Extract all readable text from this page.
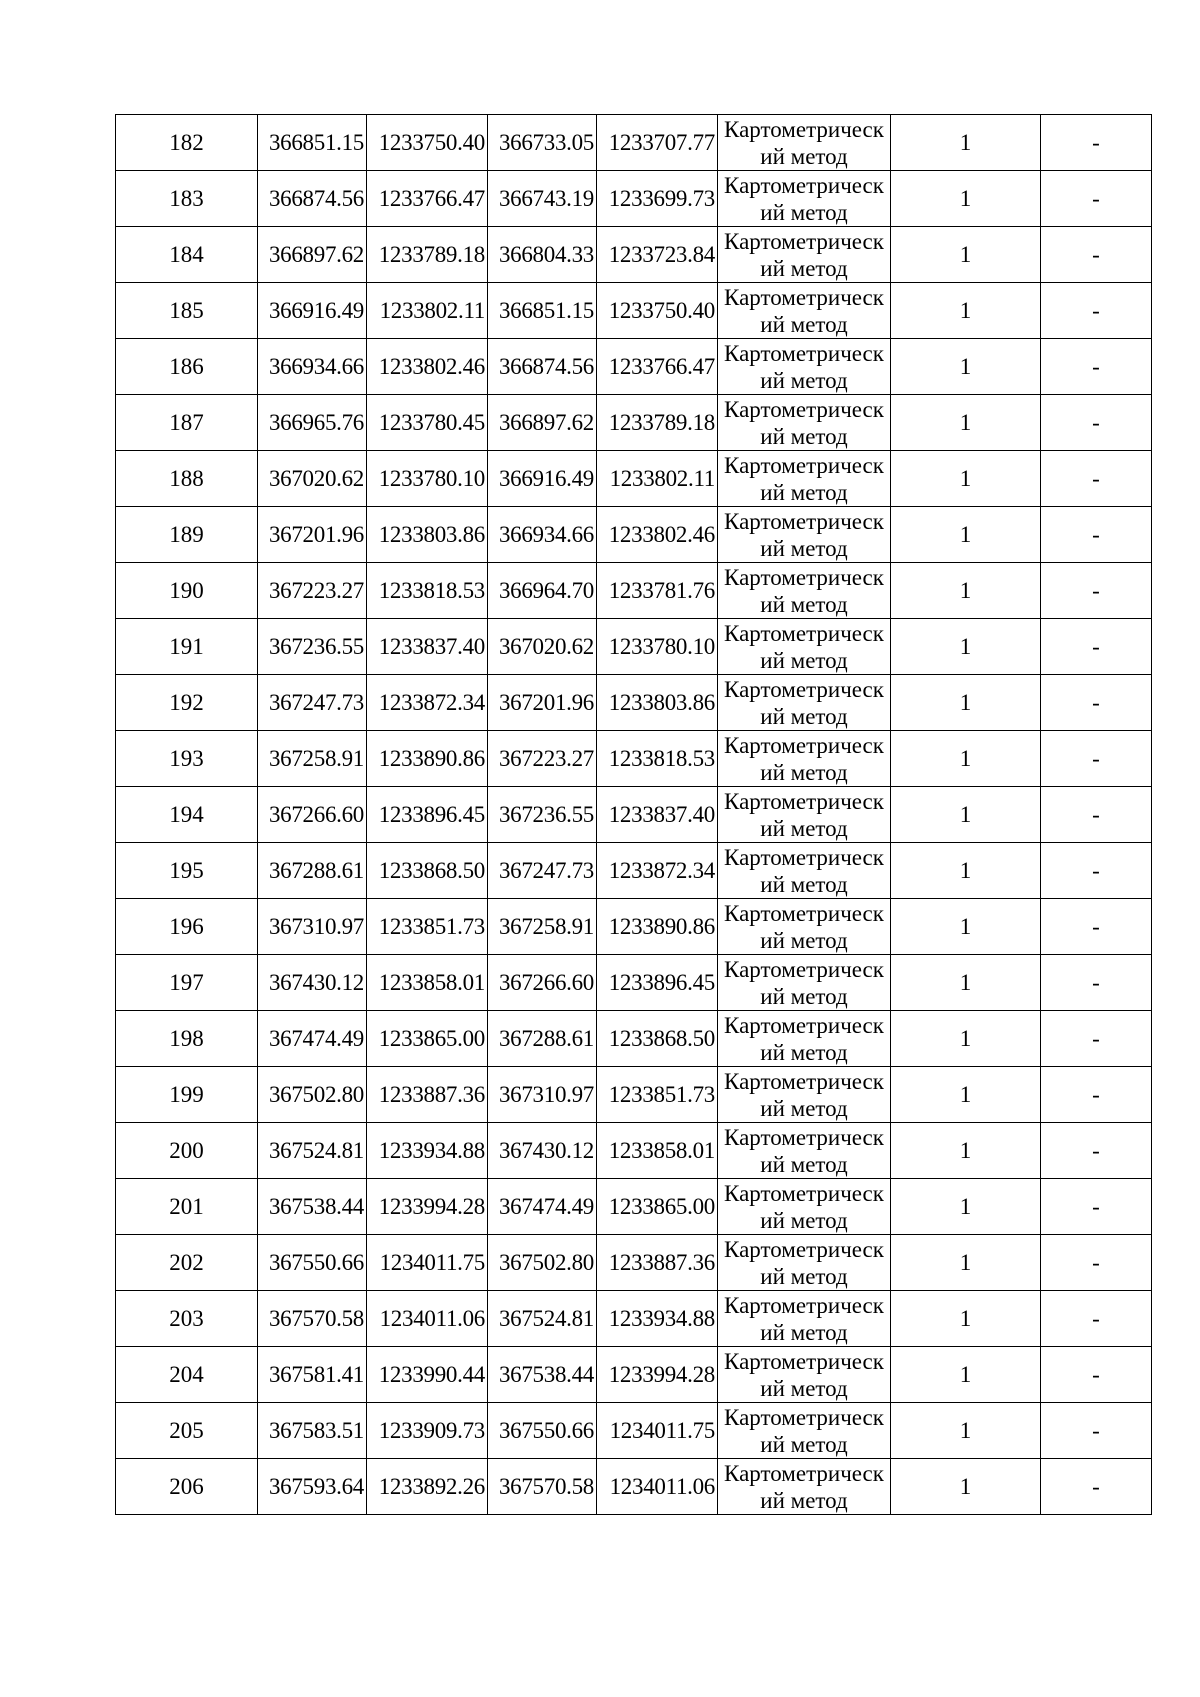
182	366851.15	1233750.40	366733.05	1233707.77	Картометрическ
ий метод	1	-
183	366874.56	1233766.47	366743.19	1233699.73	Картометрическ
ий метод	1	-
184	366897.62	1233789.18	366804.33	1233723.84	Картометрическ
ий метод	1	-
185	366916.49	1233802.11	366851.15	1233750.40	Картометрическ
ий метод	1	-
186	366934.66	1233802.46	366874.56	1233766.47	Картометрическ
ий метод	1	-
187	366965.76	1233780.45	366897.62	1233789.18	Картометрическ
ий метод	1	-
188	367020.62	1233780.10	366916.49	1233802.11	Картометрическ
ий метод	1	-
189	367201.96	1233803.86	366934.66	1233802.46	Картометрическ
ий метод	1	-
190	367223.27	1233818.53	366964.70	1233781.76	Картометрическ
ий метод	1	-
191	367236.55	1233837.40	367020.62	1233780.10	Картометрическ
ий метод	1	-
192	367247.73	1233872.34	367201.96	1233803.86	Картометрическ
ий метод	1	-
193	367258.91	1233890.86	367223.27	1233818.53	Картометрическ
ий метод	1	-
194	367266.60	1233896.45	367236.55	1233837.40	Картометрическ
ий метод	1	-
195	367288.61	1233868.50	367247.73	1233872.34	Картометрическ
ий метод	1	-
196	367310.97	1233851.73	367258.91	1233890.86	Картометрическ
ий метод	1	-
197	367430.12	1233858.01	367266.60	1233896.45	Картометрическ
ий метод	1	-
198	367474.49	1233865.00	367288.61	1233868.50	Картометрическ
ий метод	1	-
199	367502.80	1233887.36	367310.97	1233851.73	Картометрическ
ий метод	1	-
200	367524.81	1233934.88	367430.12	1233858.01	Картометрическ
ий метод	1	-
201	367538.44	1233994.28	367474.49	1233865.00	Картометрическ
ий метод	1	-
202	367550.66	1234011.75	367502.80	1233887.36	Картометрическ
ий метод	1	-
203	367570.58	1234011.06	367524.81	1233934.88	Картометрическ
ий метод	1	-
204	367581.41	1233990.44	367538.44	1233994.28	Картометрическ
ий метод	1	-
205	367583.51	1233909.73	367550.66	1234011.75	Картометрическ
ий метод	1	-
206	367593.64	1233892.26	367570.58	1234011.06	Картометрическ
ий метод	1	-
